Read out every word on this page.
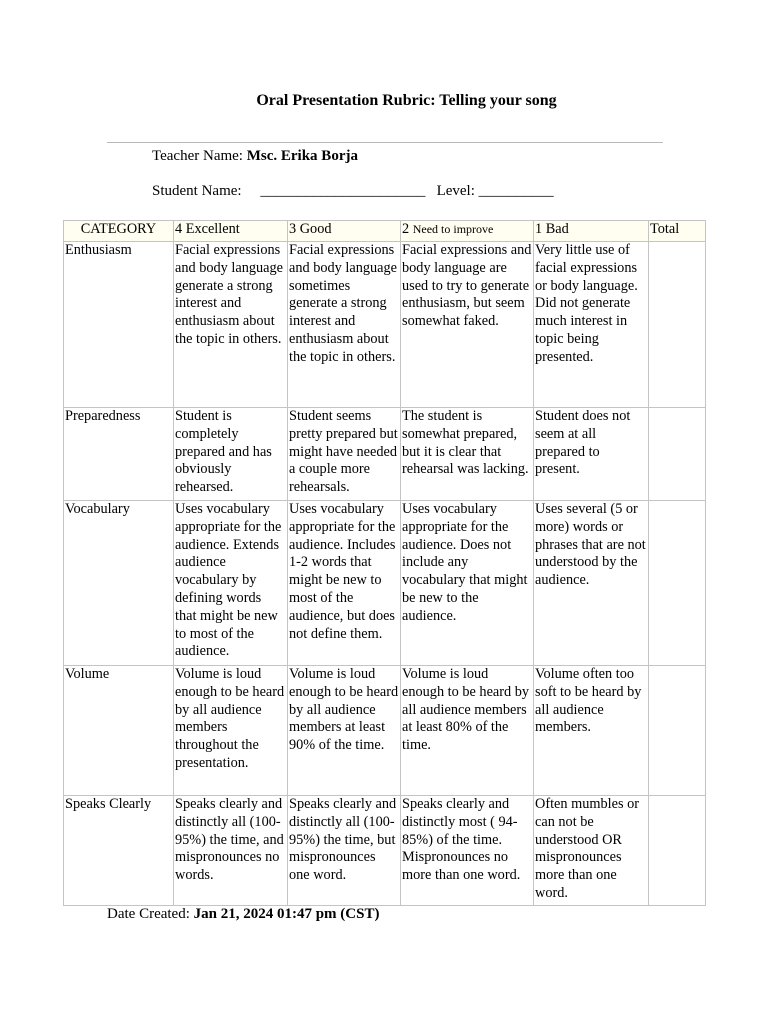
Oral Presentation Rubric: Telling your song
Teacher Name: Msc. Erika Borja
Student Name: ______________________ Level: __________
CATEGORY	4 Excellent	3 Good	2 Need to improve	1 Bad	Total
Enthusiasm	Facial expressions and body language generate a strong interest and enthusiasm about the topic in others.	Facial expressions and body language sometimes generate a strong interest and enthusiasm about the topic in others.	Facial expressions and body language are used to try to generate enthusiasm, but seem somewhat faked.	Very little use of facial expressions or body language. Did not generate much interest in topic being presented.	
Preparedness	Student is completely prepared and has obviously rehearsed.	Student seems pretty prepared but might have needed a couple more rehearsals.	The student is somewhat prepared, but it is clear that rehearsal was lacking.	Student does not seem at all prepared to present.	
Vocabulary	Uses vocabulary appropriate for the audience. Extends audience vocabulary by defining words that might be new to most of the audience.	Uses vocabulary appropriate for the audience. Includes 1-2 words that might be new to most of the audience, but does not define them.	Uses vocabulary appropriate for the audience. Does not include any vocabulary that might be new to the audience.	Uses several (5 or more) words or phrases that are not understood by the audience.	
Volume	Volume is loud enough to be heard by all audience members throughout the presentation.	Volume is loud enough to be heard by all audience members at least 90% of the time.	Volume is loud enough to be heard by all audience members at least 80% of the time.	Volume often too soft to be heard by all audience members.	
Speaks Clearly	Speaks clearly and distinctly all (100-95%) the time, and mispronounces no words.	Speaks clearly and distinctly all (100-95%) the time, but mispronounces one word.	Speaks clearly and distinctly most ( 94-85%) of the time. Mispronounces no more than one word.	Often mumbles or can not be understood OR mispronounces more than one word.	
Date Created: Jan 21, 2024 01:47 pm (CST)
